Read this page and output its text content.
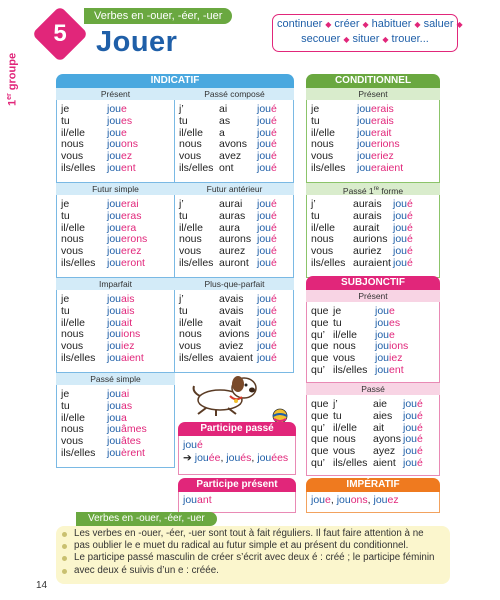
5
1er groupe
Verbes en -ouer, -éer, -uer
Jouer
continuer ◆ créer ◆ habituer ◆ saluer ◆
secouer ◆ situer ◆ trouer...
INDICATIF
Présent
je	jou e
tu	jou es
il/elle	jou e
nous	jou ons
vous	jou ez
ils/elles	jou ent
Passé composé
j’	ai	jou é
tu	as	jou é
il/elle	a	jou é
nous	avons jou é
vous	avez	jou é
ils/elles ont	jou é
Futur simple
je	jou erai
tu	jou eras
il/elle	jou era
nous	jou erons
vous	jou erez
ils/elles	jou eront
Futur antérieur
j’	aurai	jou é
tu	auras	jou é
il/elle	aura	jou é
nous	aurons jou é
vous	aurez	jou é
ils/elles auront jou é
Imparfait
je	jou ais
tu	jou ais
il/elle	jou ait
nous	jou ions
vous	jou iez
ils/elles	jou aient
Plus-que-parfait
j’	avais	jou é
tu	avais	jou é
il/elle	avait	jou é
nous	avions jou é
vous	aviez	jou é
ils/elles avaient jou é
Passé simple
je	jou ai
tu	jou as
il/elle	jou a
nous	jou âmes
vous	jou âtes
ils/elles	jou èrent
CONDITIONNEL
Présent
je	jou erais
tu	jou erais
il/elle	jou erait
nous	jou erions
vous	jou eriez
ils/elles	jou eraient
Passé 1re forme
j’	aurais	jou é
tu	aurais	jou é
il/elle	aurait	jou é
nous	aurions jou é
vous	auriez	jou é
ils/elles auraient jou é
SUBJONCTIF
Présent
que je	jou e
que tu	jou es
qu’ il/elle	jou e
que nous	jou ions
que vous	jou iez
qu’ ils/elles jou ent
Passé
que j’	aie	jou é
que tu	aies	jou é
qu’ il/elle	ait	jou é
que nous	ayons jou é
que vous	ayez jou é
qu’ ils/elles aient jou é
Participe passé
joué
➔ jouée, joués, jouées
Participe présent
jouant
IMPÉRATIF
joue, jouons, jouez
Verbes en -ouer, -éer, -uer
Les verbes en -ouer, -éer, -uer sont tout à fait réguliers. Il faut faire attention à ne
pas oublier le e muet du radical au futur simple et au présent du conditionnel.
Le participe passé masculin de créer s’écrit avec deux é : créé ; le participe féminin
avec deux é suivis d’un e : créée.
14
